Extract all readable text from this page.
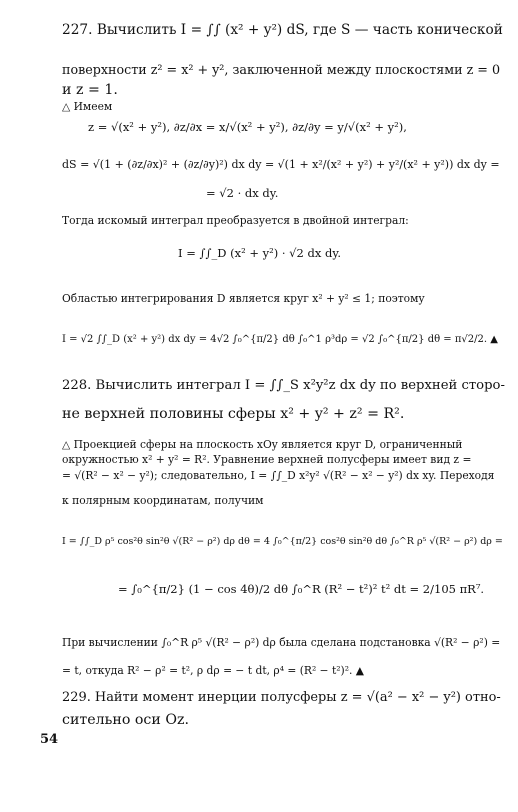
227. Вычислить I = ∫∫ (x² + y²) dS, где S — часть конической
поверхности z² = x² + y², заключенной между плоскостями z = 0
и z = 1.
△ Имеем
z = √(x² + y²), ∂z/∂x = x/√(x² + y²), ∂z/∂y = y/√(x² + y²),
dS = √(1 + (∂z/∂x)² + (∂z/∂y)²) dx dy = √(1 + x²/(x² + y²) + y²/(x² + y²)) dx dy =
= √2 · dx dy.
Тогда искомый интеграл преобразуется в двойной интеграл:
I = ∫∫_D (x² + y²) · √2 dx dy.
Областью интегрирования D является круг x² + y² ≤ 1; поэтому
I = √2 ∫∫_D (x² + y²) dx dy = 4√2 ∫₀^{π/2} dθ ∫₀^1 ρ³dρ = √2 ∫₀^{π/2} dθ = π√2/2. ▲
228. Вычислить интеграл I = ∫∫_S x²y²z dx dy по верхней сторо-
не верхней половины сферы x² + y² + z² = R².
△ Проекцией сферы на плоскость xOy является круг D, ограниченный
окружностью x² + y² = R². Уравнение верхней полусферы имеет вид z =
= √(R² − x² − y²); следовательно, I = ∫∫_D x²y² √(R² − x² − y²) dx xy. Переходя
к полярным координатам, получим
I = ∫∫_D ρ⁵ cos²θ sin²θ √(R² − ρ²) dρ dθ = 4 ∫₀^{π/2} cos²θ sin²θ dθ ∫₀^R ρ⁵ √(R² − ρ²) dρ =
= ∫₀^{π/2} (1 − cos 4θ)/2 dθ ∫₀^R (R² − t²)² t² dt = 2/105 πR⁷.
При вычислении ∫₀^R ρ⁵ √(R² − ρ²) dρ была сделана подстановка √(R² − ρ²) =
= t, откуда R² − ρ² = t², ρ dρ = − t dt, ρ⁴ = (R² − t²)². ▲
229. Найти момент инерции полусферы z = √(a² − x² − y²) отно-
сительно оси Oz.
54
